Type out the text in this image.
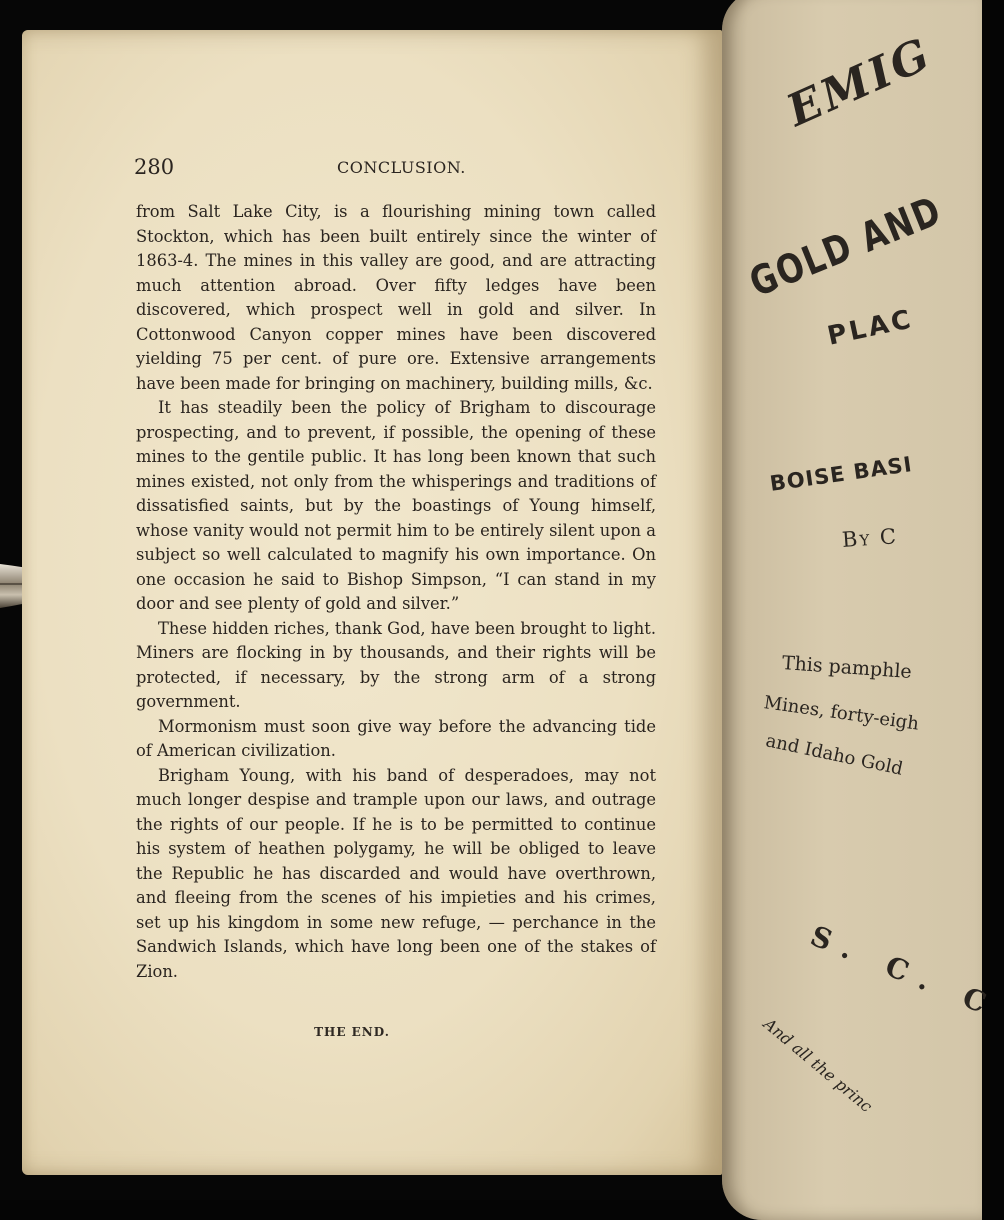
280	CONCLUSION.

from Salt Lake City, is a flourishing mining town called Stockton, which has been built entirely since the winter of 1863-4. The mines in this valley are good, and are attracting much attention abroad. Over fifty ledges have been discovered, which prospect well in gold and silver. In Cottonwood Canyon copper mines have been discovered yielding 75 per cent. of pure ore. Extensive arrangements have been made for bringing on machinery, building mills, &c.

It has steadily been the policy of Brigham to discourage prospecting, and to prevent, if possible, the opening of these mines to the gentile public. It has long been known that such mines existed, not only from the whisperings and traditions of dissatisfied saints, but by the boastings of Young himself, whose vanity would not permit him to be entirely silent upon a subject so well calculated to magnify his own importance. On one occasion he said to Bishop Simpson, “I can stand in my door and see plenty of gold and silver.”

These hidden riches, thank God, have been brought to light. Miners are flocking in by thousands, and their rights will be protected, if necessary, by the strong arm of a strong government.

Mormonism must soon give way before the advancing tide of American civilization.

Brigham Young, with his band of desperadoes, may not much longer despise and trample upon our laws, and outrage the rights of our people. If he is to be permitted to continue his system of heathen polygamy, he will be obliged to leave the Republic he has discarded and would have overthrown, and fleeing from the scenes of his impieties and his crimes, set up his kingdom in some new refuge, — perchance in the Sandwich Islands, which have long been one of the stakes of Zion.

THE END.
EMIG
GOLD AND
PLAC
BOISE BASI
By C
This pamphle
Mines, forty-eigh
and Idaho Gold
S. C. C
And all the princ
